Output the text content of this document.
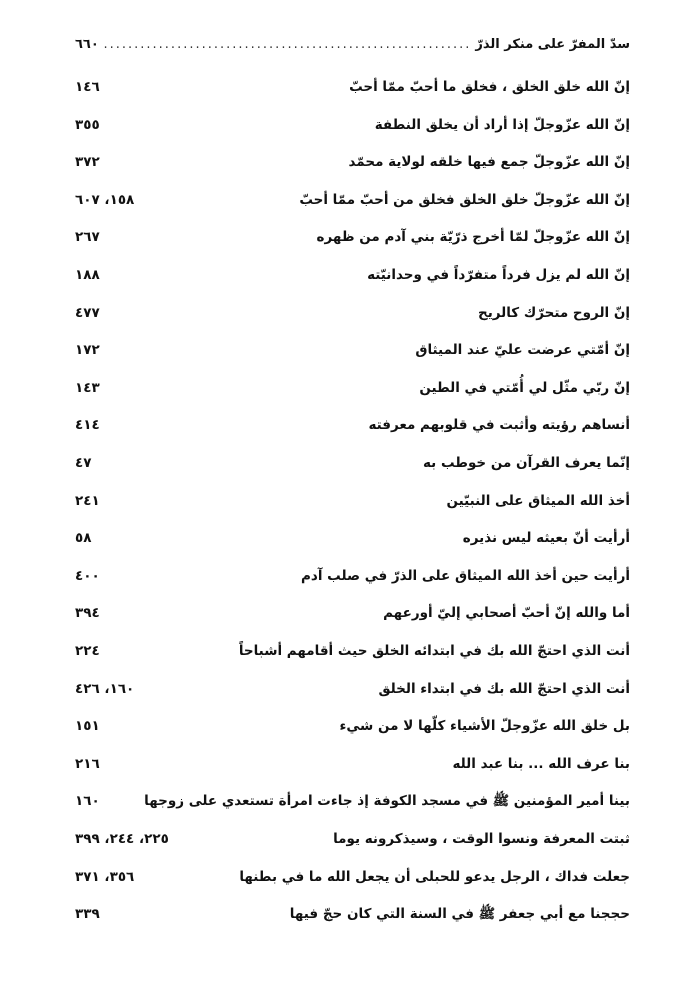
سدّ المفرّ على منكر الذرّ
.....
٦٦٠
إنّ الله خلق الخلق ، فخلق ما أحبّ ممّا أحبّ
١٤٦
إنّ الله عزّوجلّ إذا أراد أن يخلق النطفة
٣٥٥
إنّ الله عزّوجلّ جمع فيها خلقه لولاية محمّد
٣٧٢
إنّ الله عزّوجلّ خلق الخلق فخلق من أحبّ ممّا أحبّ
١٥٨، ٦٠٧
إنّ الله عزّوجلّ لمّا أخرج ذرّيّة بني آدم من ظهره
٢٦٧
إنّ الله لم يزل فرداً متفرّداً في وحدانيّته
١٨٨
إنّ الروح متحرّك كالريح
٤٧٧
إنّ أمّتي عرضت عليّ عند الميثاق
١٧٢
إنّ ربّي مثّل لي أُمّتي في الطين
١٤٣
أنساهم رؤيته وأثبت في قلوبهم معرفته
٤١٤
إنّما يعرف القرآن من خوطب به
٤٧
أخذ الله الميثاق على النبيّين
٢٤١
أرأيت أنّ بعيثه ليس نذيره
٥٨
أرأيت حين أخذ الله الميثاق على الذرّ في صلب آدم
٤٠٠
أما والله إنّ أحبّ أصحابي إليّ أورعهم
٣٩٤
أنت الذي احتجّ الله بك في ابتدائه الخلق حيث أقامهم أشباحاً
٢٢٤
أنت الذي احتجّ الله بك في ابتداء الخلق
١٦٠، ٤٢٦
بل خلق الله عزّوجلّ الأشياء كلّها لا من شيء
١٥١
بنا عرف الله ... بنا عبد الله
٢١٦
بينا أمير المؤمنين ﷺ في مسجد الكوفة إذ جاءت امرأة تستعدي على زوجها
١٦٠
ثبتت المعرفة ونسوا الوقت ، وسيذكرونه يوما
٢٢٥، ٢٤٤، ٣٩٩
جعلت فداك ، الرجل يدعو للحبلى أن يجعل الله ما في بطنها
٣٥٦، ٣٧١
حججنا مع أبي جعفر ﷺ في السنة التي كان حجّ فيها
٣٣٩
